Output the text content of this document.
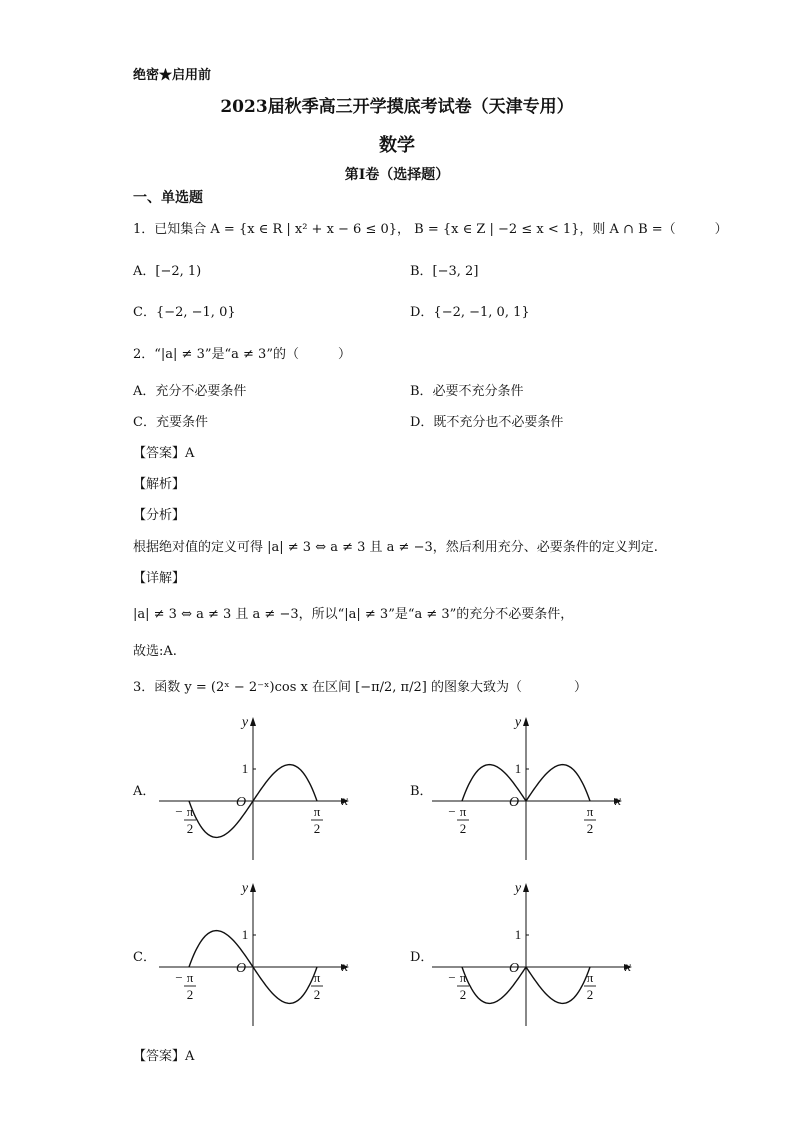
绝密★启用前
2023届秋季高三开学摸底考试卷（天津专用）
数学
第I卷（选择题）
一、单选题
1．已知集合 A = {x ∈ R | x² + x − 6 ≤ 0}， B = {x ∈ Z | −2 ≤ x < 1}，则 A ∩ B =（　　　）
A．[−2, 1)	B．[−3, 2]
C．{−2, −1, 0}	D．{−2, −1, 0, 1}
2．“|a| ≠ 3”是“a ≠ 3”的（　　　）
A．充分不必要条件	B．必要不充分条件
C．充要条件	D．既不充分也不必要条件
【答案】A
【解析】
【分析】
根据绝对值的定义可得 |a| ≠ 3 ⇔ a ≠ 3 且 a ≠ −3，然后利用充分、必要条件的定义判定.
【详解】
|a| ≠ 3 ⇔ a ≠ 3 且 a ≠ −3，所以“|a| ≠ 3”是“a ≠ 3”的充分不必要条件，
故选:A.
3．函数 y = (2ˣ − 2⁻ˣ)cos x 在区间 [−π/2, π/2] 的图象大致为（　　　　）
A．
y
x
O
1
− π
2
π
2
B．
y
x
O
1
− π
2
π
2
C．
y
x
O
1
− π
2
π
2
D．
y
x
O
1
− π
2
π
2
【答案】A
